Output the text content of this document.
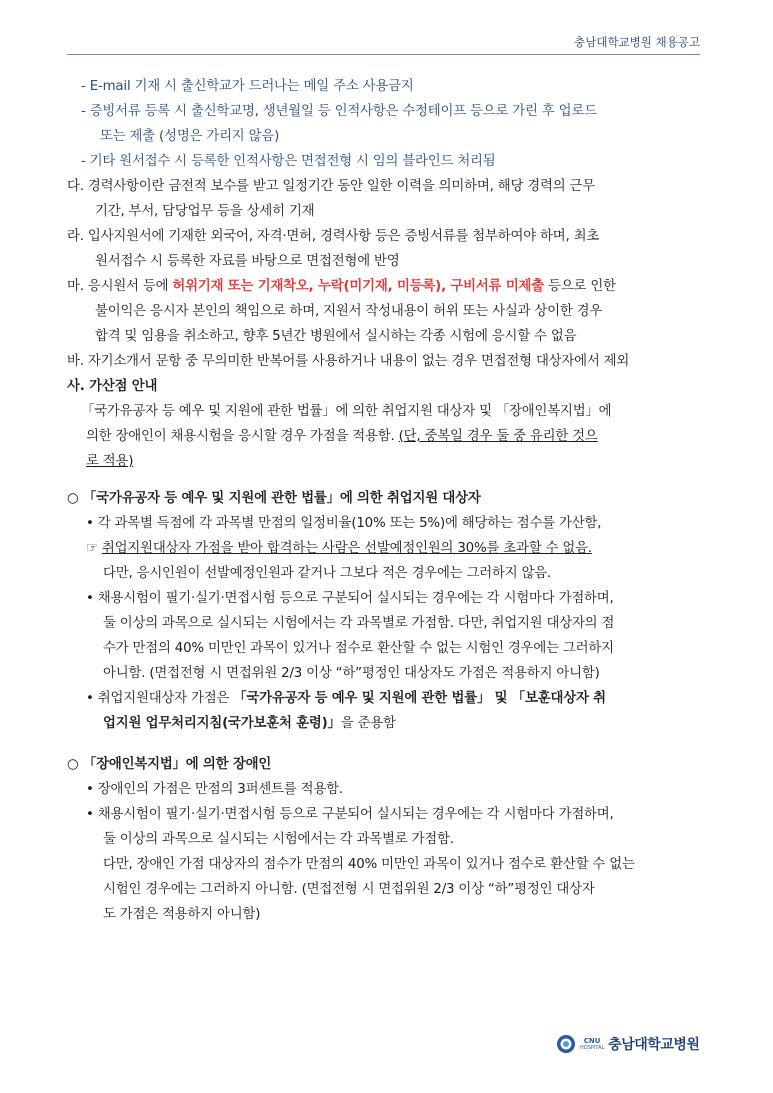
충남대학교병원 채용공고
- E-mail 기재 시 출신학교가 드러나는 메일 주소 사용금지
- 증빙서류 등록 시 출신학교명, 생년월일 등 인적사항은 수정테이프 등으로 가린 후 업로드
또는 제출 (성명은 가리지 않음)
- 기타 원서접수 시 등록한 인적사항은 면접전형 시 임의 블라인드 처리됨
다. 경력사항이란 금전적 보수를 받고 일정기간 동안 일한 이력을 의미하며, 해당 경력의 근무
기간, 부서, 담당업무 등을 상세히 기재
라. 입사지원서에 기재한 외국어, 자격·면허, 경력사항 등은 증빙서류를 첨부하여야 하며, 최초
원서접수 시 등록한 자료를 바탕으로 면접전형에 반영
마. 응시원서 등에 허위기재 또는 기재착오, 누락(미기재, 미등록), 구비서류 미제출 등으로 인한
불이익은 응시자 본인의 책임으로 하며, 지원서 작성내용이 허위 또는 사실과 상이한 경우
합격 및 임용을 취소하고, 향후 5년간 병원에서 실시하는 각종 시험에 응시할 수 없음
바. 자기소개서 문항 중 무의미한 반복어를 사용하거나 내용이 없는 경우 면접전형 대상자에서 제외
사. 가산점 안내
「국가유공자 등 예우 및 지원에 관한 법률」에 의한 취업지원 대상자 및 「장애인복지법」에
의한 장애인이 채용시험을 응시할 경우 가점을 적용함. (단, 중복일 경우 둘 중 유리한 것으
로 적용)
○ 「국가유공자 등 예우 및 지원에 관한 법률」에 의한 취업지원 대상자
• 각 과목별 득점에 각 과목별 만점의 일정비율(10% 또는 5%)에 해당하는 점수를 가산함,
☞ 취업지원대상자 가점을 받아 합격하는 사람은 선발예정인원의 30%를 초과할 수 없음.
다만, 응시인원이 선발예정인원과 같거나 그보다 적은 경우에는 그러하지 않음.
• 채용시험이 필기·실기·면접시험 등으로 구분되어 실시되는 경우에는 각 시험마다 가점하며,
둘 이상의 과목으로 실시되는 시험에서는 각 과목별로 가점함. 다만, 취업지원 대상자의 점
수가 만점의 40% 미만인 과목이 있거나 점수로 환산할 수 없는 시험인 경우에는 그러하지
아니함. (면접전형 시 면접위원 2/3 이상 “하”평정인 대상자도 가점은 적용하지 아니함)
• 취업지원대상자 가점은 「국가유공자 등 예우 및 지원에 관한 법률」 및 「보훈대상자 취
업지원 업무처리지침(국가보훈처 훈령)」을 준용함
○ 「장애인복지법」에 의한 장애인
• 장애인의 가점은 만점의 3퍼센트를 적용함.
• 채용시험이 필기·실기·면접시험 등으로 구분되어 실시되는 경우에는 각 시험마다 가점하며,
둘 이상의 과목으로 실시되는 시험에서는 각 과목별로 가점함.
다만, 장애인 가점 대상자의 점수가 만점의 40% 미만인 과목이 있거나 점수로 환산할 수 없는
시험인 경우에는 그러하지 아니함. (면접전형 시 면접위원 2/3 이상 “하”평정인 대상자
도 가점은 적용하지 아니함)
CNU
HOSPITAL 충남대학교병원
